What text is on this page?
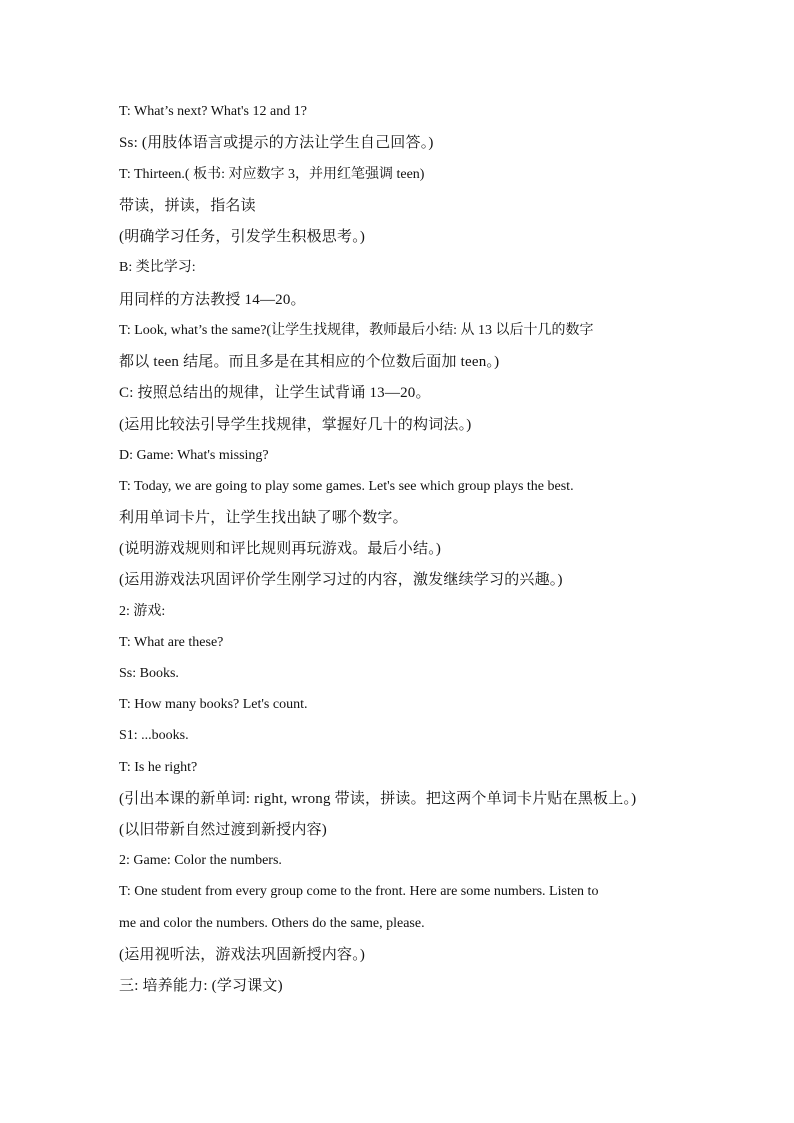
T: What’s next? What's 12 and 1?
Ss: (用肢体语言或提示的方法让学生自己回答。)
T: Thirteen.( 板书: 对应数字 3，并用红笔强调 teen)
带读，拼读，指名读
(明确学习任务，引发学生积极思考。)
B: 类比学习:
用同样的方法教授 14—20。
T: Look, what’s the same?(让学生找规律，教师最后小结: 从 13 以后十几的数字
都以 teen 结尾。而且多是在其相应的个位数后面加 teen。)
C: 按照总结出的规律，让学生试背诵 13—20。
(运用比较法引导学生找规律，掌握好几十的构词法。)
D: Game: What's missing?
T: Today, we are going to play some games. Let's see which group plays the best.
利用单词卡片，让学生找出缺了哪个数字。
(说明游戏规则和评比规则再玩游戏。最后小结。)
(运用游戏法巩固评价学生刚学习过的内容，激发继续学习的兴趣。)
2: 游戏:
T: What are these?
Ss: Books.
T: How many books? Let's count.
S1: ...books.
T: Is he right?
(引出本课的新单词: right, wrong 带读，拼读。把这两个单词卡片贴在黑板上。)
(以旧带新自然过渡到新授内容)
2: Game: Color the numbers.
T: One student from every group come to the front. Here are some numbers. Listen to
me and color the numbers. Others do the same, please.
(运用视听法，游戏法巩固新授内容。)
三: 培养能力: (学习课文)
